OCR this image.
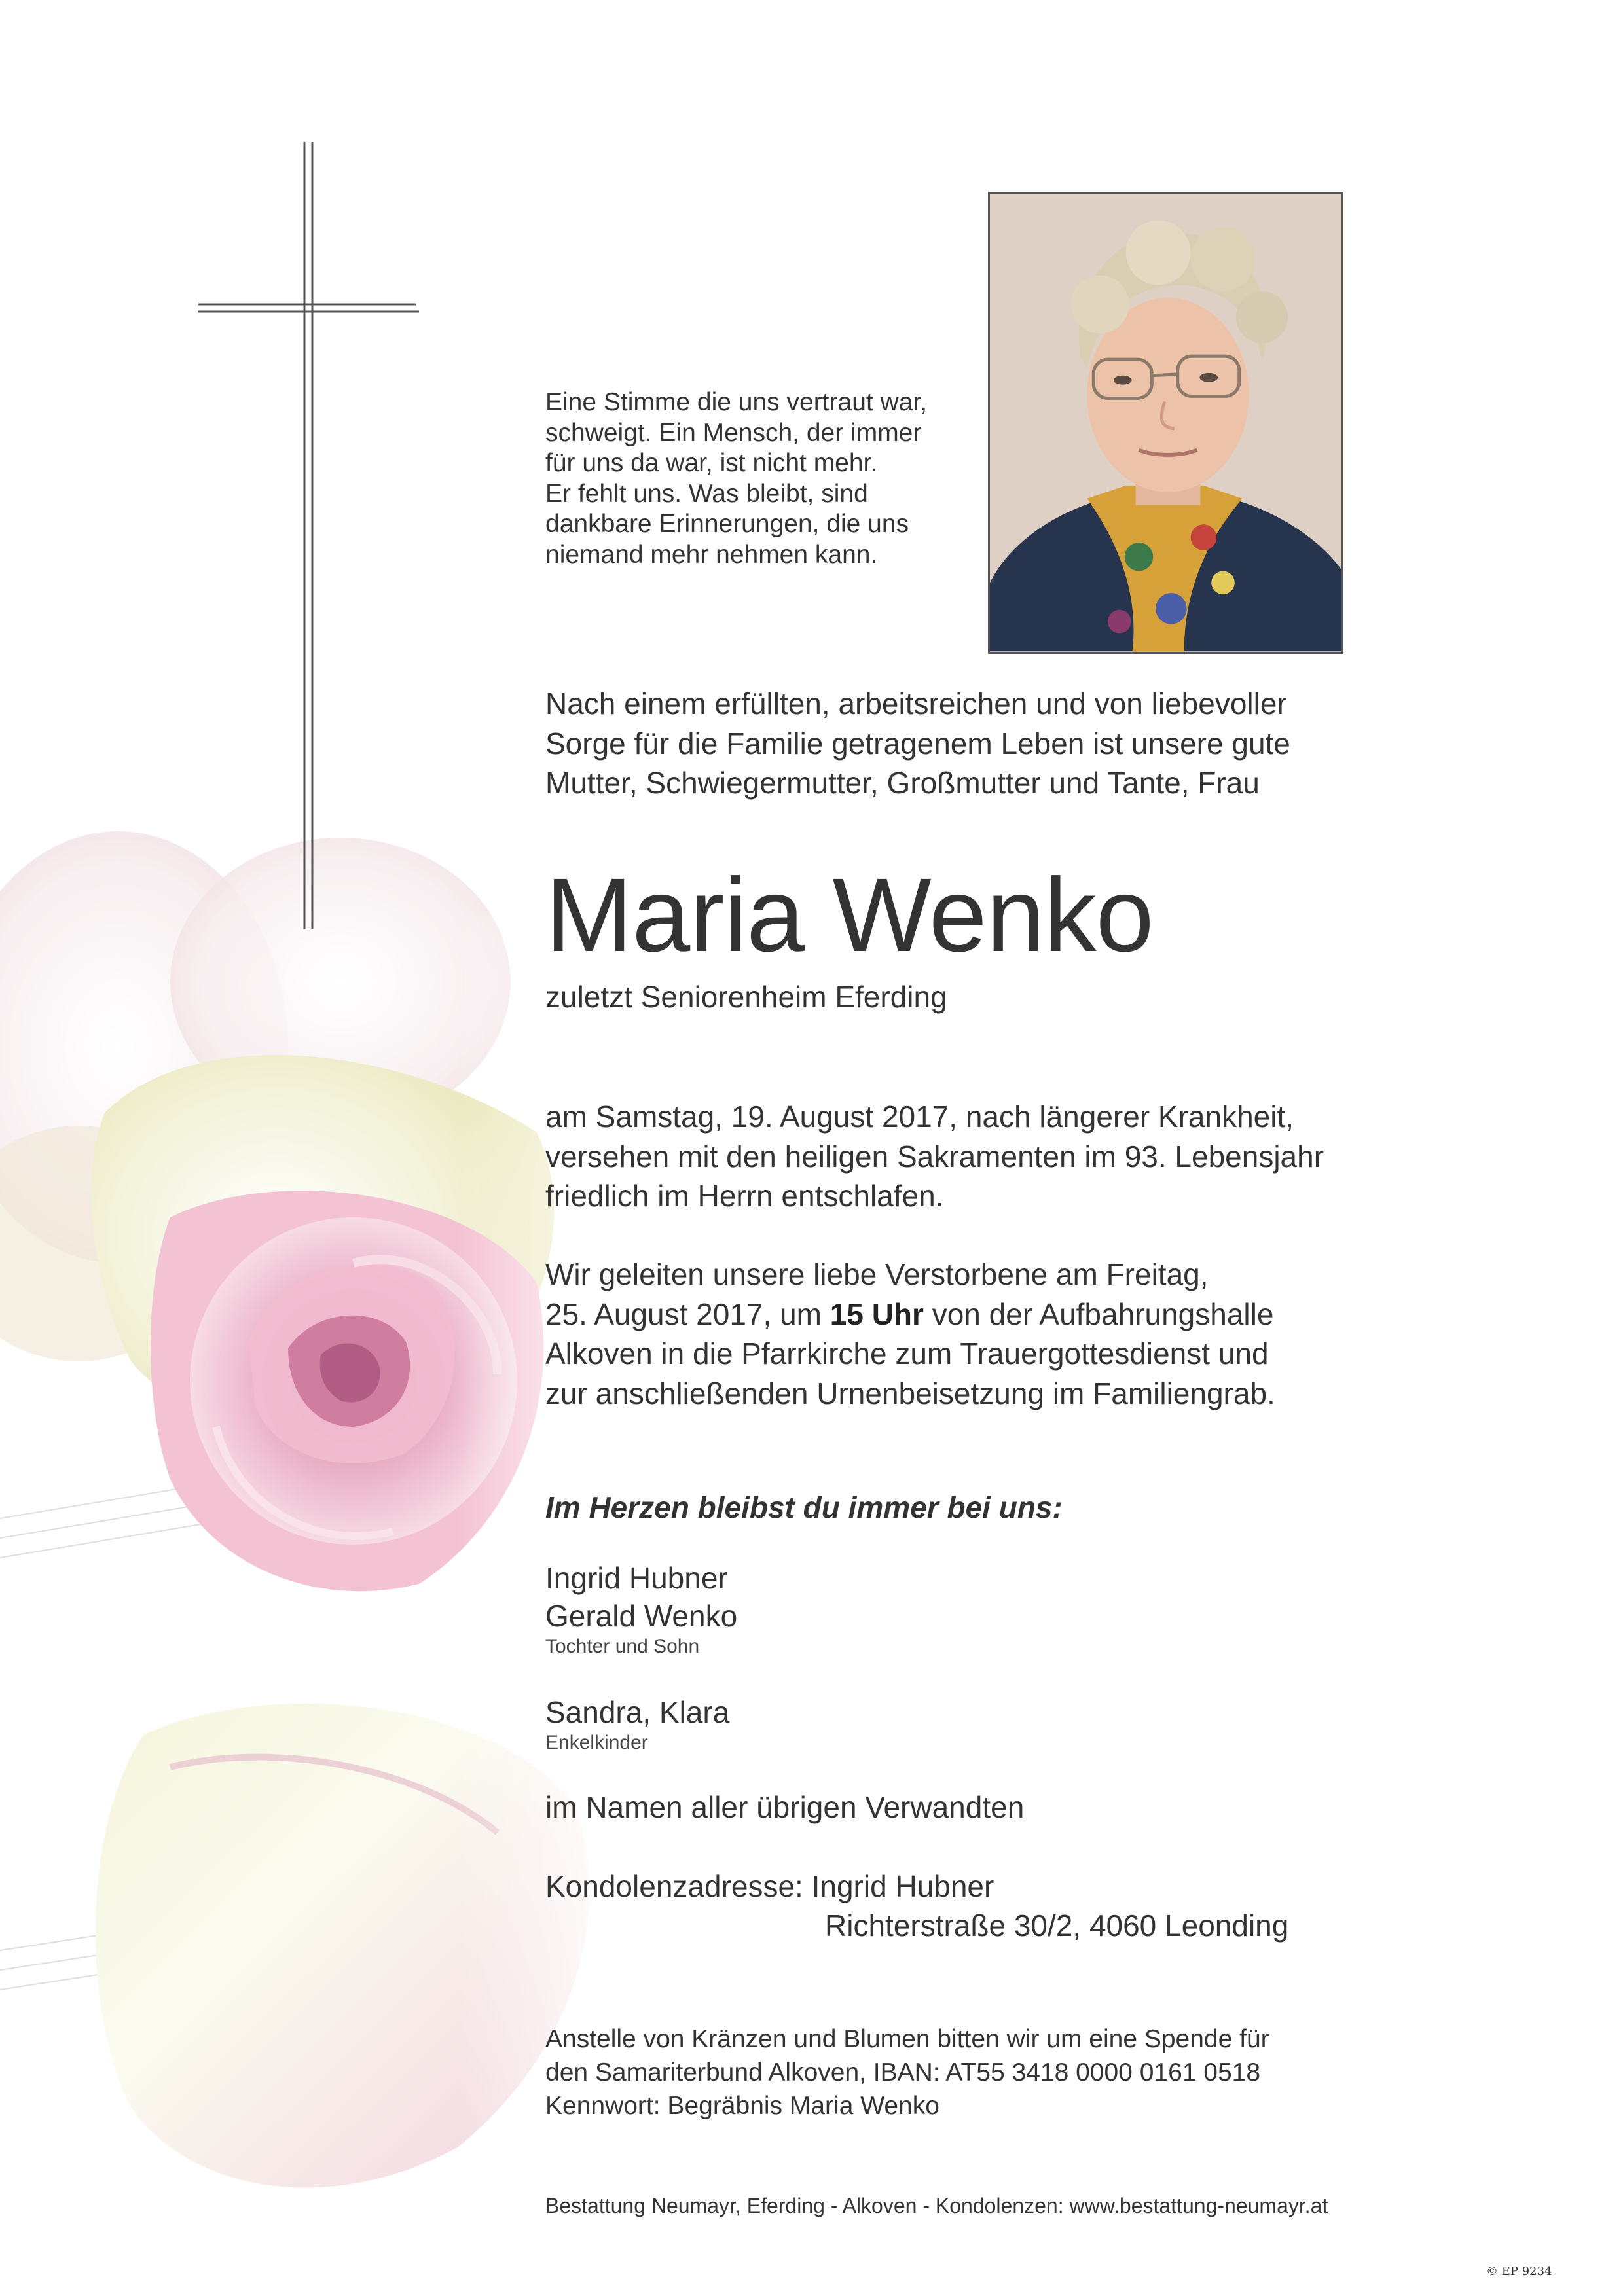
Eine Stimme die uns vertraut war,
schweigt. Ein Mensch, der immer
für uns da war, ist nicht mehr.
Er fehlt uns. Was bleibt, sind
dankbare Erinnerungen, die uns
niemand mehr nehmen kann.
Nach einem erfüllten, arbeitsreichen und von liebevoller
Sorge für die Familie getragenem Leben ist unsere gute
Mutter, Schwiegermutter, Großmutter und Tante, Frau
Maria Wenko
zuletzt Seniorenheim Eferding
am Samstag, 19. August 2017, nach längerer Krankheit,
versehen mit den heiligen Sakramenten im 93. Lebensjahr
friedlich im Herrn entschlafen.
Wir geleiten unsere liebe Verstorbene am Freitag,
25. August 2017, um 15 Uhr von der Aufbahrungshalle
Alkoven in die Pfarrkirche zum Trauergottesdienst und
zur anschließenden Urnenbeisetzung im Familiengrab.
Im Herzen bleibst du immer bei uns:
Ingrid Hubner
Gerald Wenko
Tochter und Sohn
Sandra, Klara
Enkelkinder
im Namen aller übrigen Verwandten
Kondolenzadresse: Ingrid Hubner
Richterstraße 30/2, 4060 Leonding
Anstelle von Kränzen und Blumen bitten wir um eine Spende für
den Samariterbund Alkoven, IBAN: AT55 3418 0000 0161 0518
Kennwort: Begräbnis Maria Wenko
Bestattung Neumayr, Eferding - Alkoven - Kondolenzen: www.bestattung-neumayr.at
© EP 9234
